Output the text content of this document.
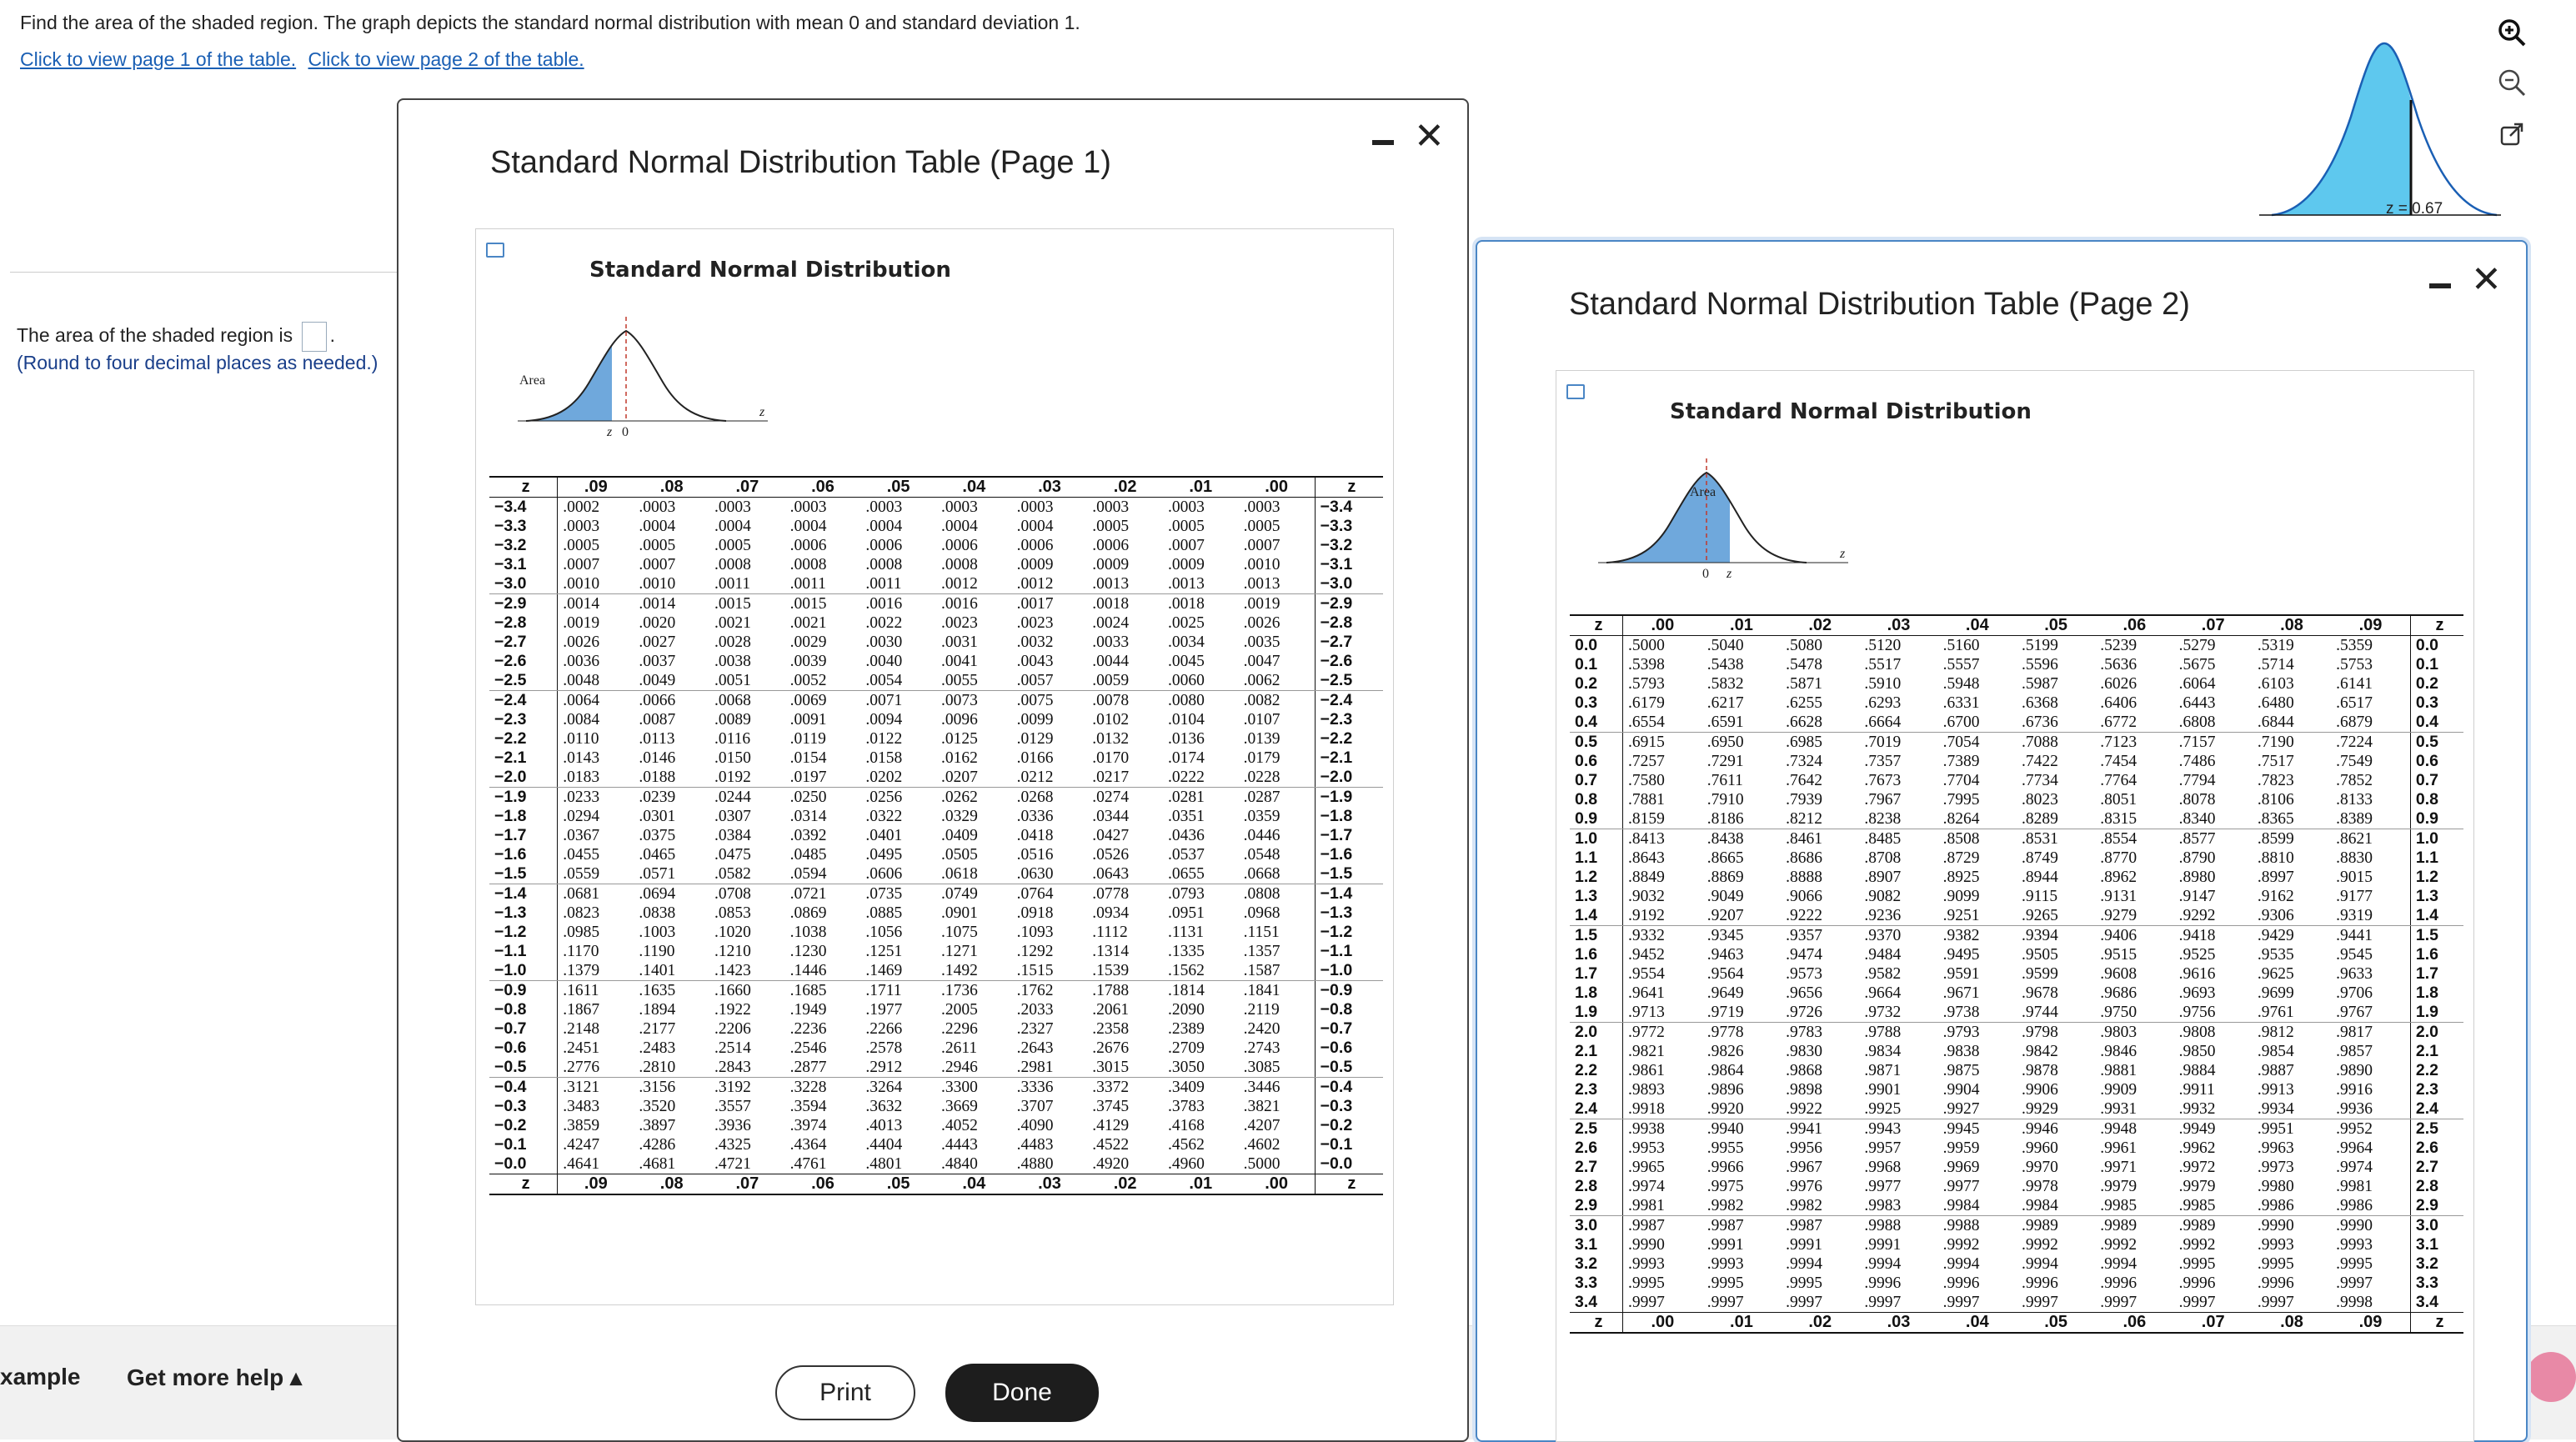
Find the area of the shaded region. The graph depicts the standard normal distribution with mean 0 and standard deviation 1.
Click to view page 1 of the table. Click to view page 2 of the table.
The area of the shaded region is .
(Round to four decimal places as needed.)
z = 0.67
xample Get more help ▴
Standard Normal Distribution Table (Page 1)
✕
Standard Normal Distribution
Area
z 0
z
z	.09	.08	.07	.06	.05	.04	.03	.02	.01	.00	z
−3.4	.0002	.0003	.0003	.0003	.0003	.0003	.0003	.0003	.0003	.0003	−3.4
−3.3	.0003	.0004	.0004	.0004	.0004	.0004	.0004	.0005	.0005	.0005	−3.3
−3.2	.0005	.0005	.0005	.0006	.0006	.0006	.0006	.0006	.0007	.0007	−3.2
−3.1	.0007	.0007	.0008	.0008	.0008	.0008	.0009	.0009	.0009	.0010	−3.1
−3.0	.0010	.0010	.0011	.0011	.0011	.0012	.0012	.0013	.0013	.0013	−3.0
−2.9	.0014	.0014	.0015	.0015	.0016	.0016	.0017	.0018	.0018	.0019	−2.9
−2.8	.0019	.0020	.0021	.0021	.0022	.0023	.0023	.0024	.0025	.0026	−2.8
−2.7	.0026	.0027	.0028	.0029	.0030	.0031	.0032	.0033	.0034	.0035	−2.7
−2.6	.0036	.0037	.0038	.0039	.0040	.0041	.0043	.0044	.0045	.0047	−2.6
−2.5	.0048	.0049	.0051	.0052	.0054	.0055	.0057	.0059	.0060	.0062	−2.5
−2.4	.0064	.0066	.0068	.0069	.0071	.0073	.0075	.0078	.0080	.0082	−2.4
−2.3	.0084	.0087	.0089	.0091	.0094	.0096	.0099	.0102	.0104	.0107	−2.3
−2.2	.0110	.0113	.0116	.0119	.0122	.0125	.0129	.0132	.0136	.0139	−2.2
−2.1	.0143	.0146	.0150	.0154	.0158	.0162	.0166	.0170	.0174	.0179	−2.1
−2.0	.0183	.0188	.0192	.0197	.0202	.0207	.0212	.0217	.0222	.0228	−2.0
−1.9	.0233	.0239	.0244	.0250	.0256	.0262	.0268	.0274	.0281	.0287	−1.9
−1.8	.0294	.0301	.0307	.0314	.0322	.0329	.0336	.0344	.0351	.0359	−1.8
−1.7	.0367	.0375	.0384	.0392	.0401	.0409	.0418	.0427	.0436	.0446	−1.7
−1.6	.0455	.0465	.0475	.0485	.0495	.0505	.0516	.0526	.0537	.0548	−1.6
−1.5	.0559	.0571	.0582	.0594	.0606	.0618	.0630	.0643	.0655	.0668	−1.5
−1.4	.0681	.0694	.0708	.0721	.0735	.0749	.0764	.0778	.0793	.0808	−1.4
−1.3	.0823	.0838	.0853	.0869	.0885	.0901	.0918	.0934	.0951	.0968	−1.3
−1.2	.0985	.1003	.1020	.1038	.1056	.1075	.1093	.1112	.1131	.1151	−1.2
−1.1	.1170	.1190	.1210	.1230	.1251	.1271	.1292	.1314	.1335	.1357	−1.1
−1.0	.1379	.1401	.1423	.1446	.1469	.1492	.1515	.1539	.1562	.1587	−1.0
−0.9	.1611	.1635	.1660	.1685	.1711	.1736	.1762	.1788	.1814	.1841	−0.9
−0.8	.1867	.1894	.1922	.1949	.1977	.2005	.2033	.2061	.2090	.2119	−0.8
−0.7	.2148	.2177	.2206	.2236	.2266	.2296	.2327	.2358	.2389	.2420	−0.7
−0.6	.2451	.2483	.2514	.2546	.2578	.2611	.2643	.2676	.2709	.2743	−0.6
−0.5	.2776	.2810	.2843	.2877	.2912	.2946	.2981	.3015	.3050	.3085	−0.5
−0.4	.3121	.3156	.3192	.3228	.3264	.3300	.3336	.3372	.3409	.3446	−0.4
−0.3	.3483	.3520	.3557	.3594	.3632	.3669	.3707	.3745	.3783	.3821	−0.3
−0.2	.3859	.3897	.3936	.3974	.4013	.4052	.4090	.4129	.4168	.4207	−0.2
−0.1	.4247	.4286	.4325	.4364	.4404	.4443	.4483	.4522	.4562	.4602	−0.1
−0.0	.4641	.4681	.4721	.4761	.4801	.4840	.4880	.4920	.4960	.5000	−0.0
z	.09	.08	.07	.06	.05	.04	.03	.02	.01	.00	z
Print	Done
Standard Normal Distribution Table (Page 2)
✕
Standard Normal Distribution
Area
0 z
z
z	.00	.01	.02	.03	.04	.05	.06	.07	.08	.09	z
0.0	.5000	.5040	.5080	.5120	.5160	.5199	.5239	.5279	.5319	.5359	0.0
0.1	.5398	.5438	.5478	.5517	.5557	.5596	.5636	.5675	.5714	.5753	0.1
0.2	.5793	.5832	.5871	.5910	.5948	.5987	.6026	.6064	.6103	.6141	0.2
0.3	.6179	.6217	.6255	.6293	.6331	.6368	.6406	.6443	.6480	.6517	0.3
0.4	.6554	.6591	.6628	.6664	.6700	.6736	.6772	.6808	.6844	.6879	0.4
0.5	.6915	.6950	.6985	.7019	.7054	.7088	.7123	.7157	.7190	.7224	0.5
0.6	.7257	.7291	.7324	.7357	.7389	.7422	.7454	.7486	.7517	.7549	0.6
0.7	.7580	.7611	.7642	.7673	.7704	.7734	.7764	.7794	.7823	.7852	0.7
0.8	.7881	.7910	.7939	.7967	.7995	.8023	.8051	.8078	.8106	.8133	0.8
0.9	.8159	.8186	.8212	.8238	.8264	.8289	.8315	.8340	.8365	.8389	0.9
1.0	.8413	.8438	.8461	.8485	.8508	.8531	.8554	.8577	.8599	.8621	1.0
1.1	.8643	.8665	.8686	.8708	.8729	.8749	.8770	.8790	.8810	.8830	1.1
1.2	.8849	.8869	.8888	.8907	.8925	.8944	.8962	.8980	.8997	.9015	1.2
1.3	.9032	.9049	.9066	.9082	.9099	.9115	.9131	.9147	.9162	.9177	1.3
1.4	.9192	.9207	.9222	.9236	.9251	.9265	.9279	.9292	.9306	.9319	1.4
1.5	.9332	.9345	.9357	.9370	.9382	.9394	.9406	.9418	.9429	.9441	1.5
1.6	.9452	.9463	.9474	.9484	.9495	.9505	.9515	.9525	.9535	.9545	1.6
1.7	.9554	.9564	.9573	.9582	.9591	.9599	.9608	.9616	.9625	.9633	1.7
1.8	.9641	.9649	.9656	.9664	.9671	.9678	.9686	.9693	.9699	.9706	1.8
1.9	.9713	.9719	.9726	.9732	.9738	.9744	.9750	.9756	.9761	.9767	1.9
2.0	.9772	.9778	.9783	.9788	.9793	.9798	.9803	.9808	.9812	.9817	2.0
2.1	.9821	.9826	.9830	.9834	.9838	.9842	.9846	.9850	.9854	.9857	2.1
2.2	.9861	.9864	.9868	.9871	.9875	.9878	.9881	.9884	.9887	.9890	2.2
2.3	.9893	.9896	.9898	.9901	.9904	.9906	.9909	.9911	.9913	.9916	2.3
2.4	.9918	.9920	.9922	.9925	.9927	.9929	.9931	.9932	.9934	.9936	2.4
2.5	.9938	.9940	.9941	.9943	.9945	.9946	.9948	.9949	.9951	.9952	2.5
2.6	.9953	.9955	.9956	.9957	.9959	.9960	.9961	.9962	.9963	.9964	2.6
2.7	.9965	.9966	.9967	.9968	.9969	.9970	.9971	.9972	.9973	.9974	2.7
2.8	.9974	.9975	.9976	.9977	.9977	.9978	.9979	.9979	.9980	.9981	2.8
2.9	.9981	.9982	.9982	.9983	.9984	.9984	.9985	.9985	.9986	.9986	2.9
3.0	.9987	.9987	.9987	.9988	.9988	.9989	.9989	.9989	.9990	.9990	3.0
3.1	.9990	.9991	.9991	.9991	.9992	.9992	.9992	.9992	.9993	.9993	3.1
3.2	.9993	.9993	.9994	.9994	.9994	.9994	.9994	.9995	.9995	.9995	3.2
3.3	.9995	.9995	.9995	.9996	.9996	.9996	.9996	.9996	.9996	.9997	3.3
3.4	.9997	.9997	.9997	.9997	.9997	.9997	.9997	.9997	.9997	.9998	3.4
z	.00	.01	.02	.03	.04	.05	.06	.07	.08	.09	z
